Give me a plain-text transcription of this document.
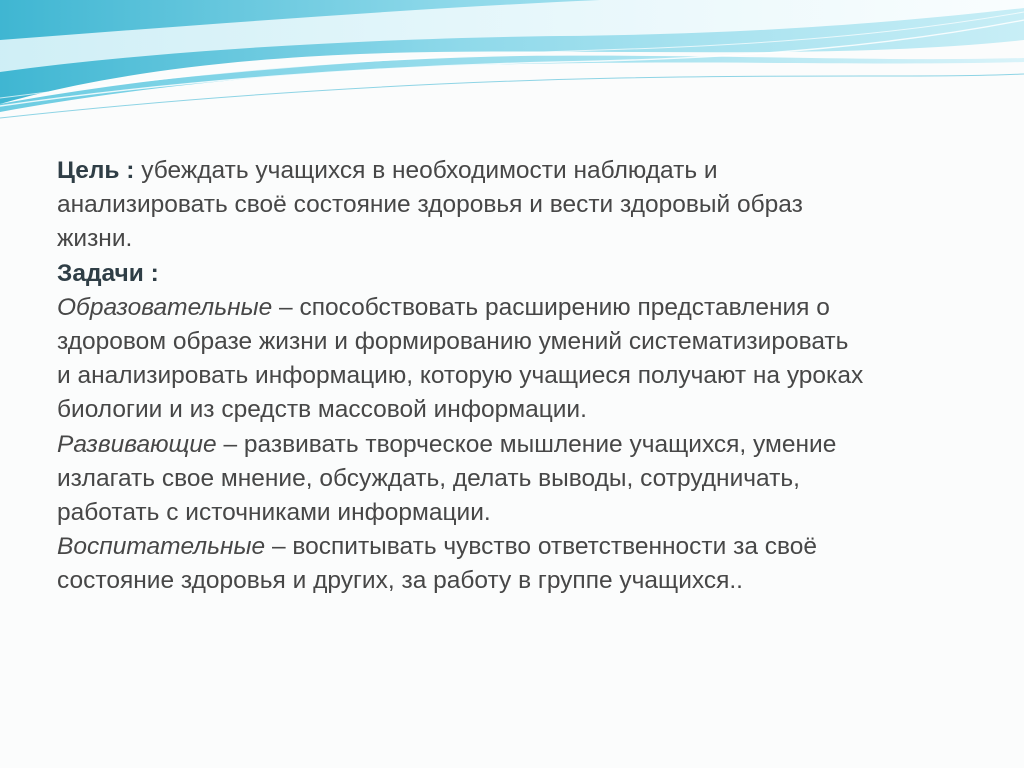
Цель : убеждать учащихся в необходимости наблюдать и анализировать своё состояние здоровья и вести здоровый образ жизни.

Задачи :

Образовательные – способствовать расширению представления о здоровом образе жизни и формированию умений систематизировать и анализировать информацию, которую учащиеся получают на уроках биологии и из средств массовой информации.

Развивающие – развивать творческое мышление учащихся, умение излагать свое мнение, обсуждать, делать выводы, сотрудничать, работать с источниками информации.

Воспитательные – воспитывать чувство ответственности за своё состояние здоровья и других, за работу в группе учащихся..
